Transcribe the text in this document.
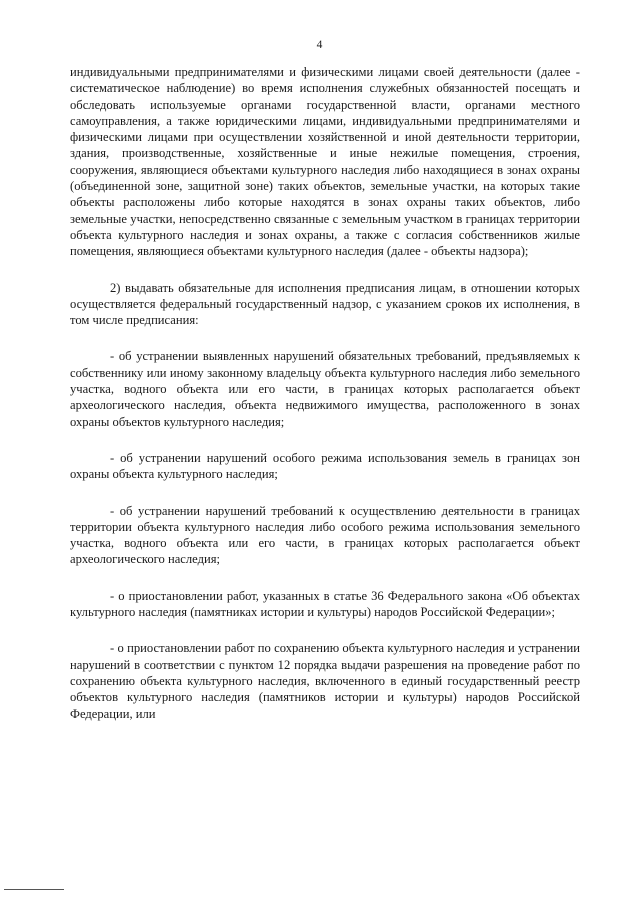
4

индивидуальными предпринимателями и физическими лицами своей деятельности (далее - систематическое наблюдение) во время исполнения служебных обязанностей посещать и обследовать используемые органами государственной власти, органами местного самоуправления, а также юридическими лицами, индивидуальными предпринимателями и физическими лицами при осуществлении хозяйственной и иной деятельности территории, здания, производственные, хозяйственные и иные нежилые помещения, строения, сооружения, являющиеся объектами культурного наследия либо находящиеся в зонах охраны (объединенной зоне, защитной зоне) таких объектов, земельные участки, на которых такие объекты расположены либо которые находятся в зонах охраны таких объектов, либо земельные участки, непосредственно связанные с земельным участком в границах территории объекта культурного наследия и зонах охраны, а также с согласия собственников жилые помещения, являющиеся объектами культурного наследия (далее - объекты надзора);

2) выдавать обязательные для исполнения предписания лицам, в отношении которых осуществляется федеральный государственный надзор, с указанием сроков их исполнения, в том числе предписания:

- об устранении выявленных нарушений обязательных требований, предъявляемых к собственнику или иному законному владельцу объекта культурного наследия либо земельного участка, водного объекта или его части, в границах которых располагается объект археологического наследия, объекта недвижимого имущества, расположенного в зонах охраны объектов культурного наследия;

- об устранении нарушений особого режима использования земель в границах зон охраны объекта культурного наследия;

- об устранении нарушений требований к осуществлению деятельности в границах территории объекта культурного наследия либо особого режима использования земельного участка, водного объекта или его части, в границах которых располагается объект археологического наследия;

- о приостановлении работ, указанных в статье 36 Федерального закона «Об объектах культурного наследия (памятниках истории и культуры) народов Российской Федерации»;

- о приостановлении работ по сохранению объекта культурного наследия и устранении нарушений в соответствии с пунктом 12 порядка выдачи разрешения на проведение работ по сохранению объекта культурного наследия, включенного в единый государственный реестр объектов культурного наследия (памятников истории и культуры) народов Российской Федерации, или
